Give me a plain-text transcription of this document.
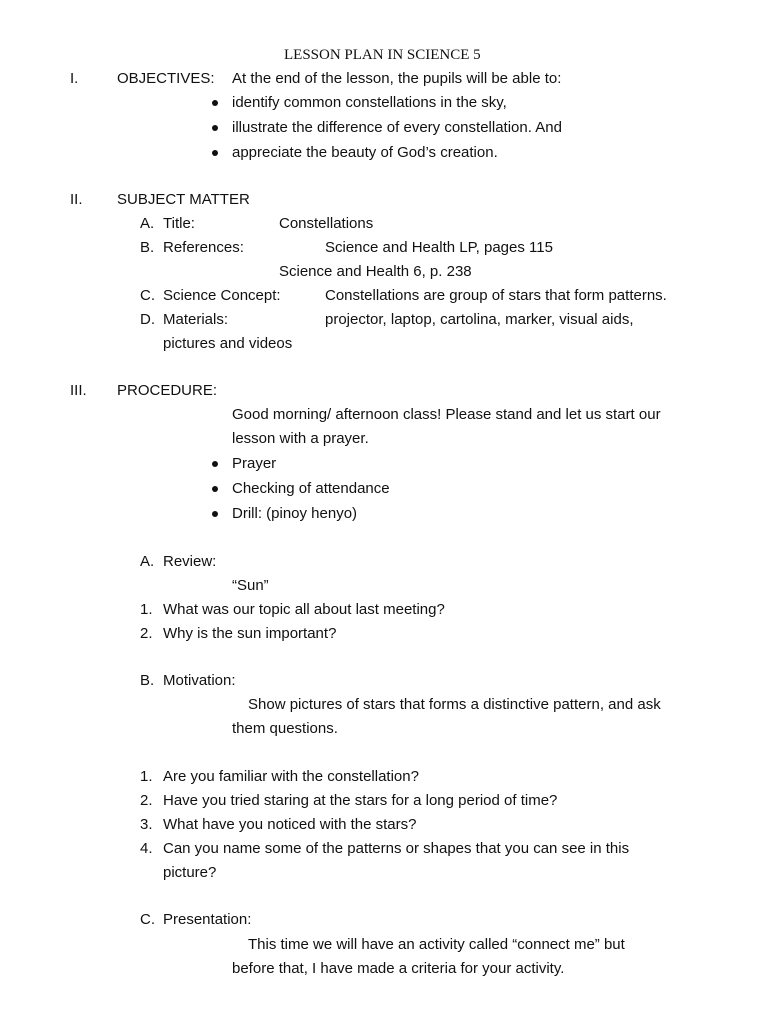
LESSON PLAN IN SCIENCE 5
I.	OBJECTIVES: At the end of the lesson, the pupils will be able to:
identify common constellations in the sky,
illustrate the difference of every constellation. And
appreciate the beauty of God’s creation.
II. SUBJECT MATTER
A. Title:	Constellations
B. References:	Science and Health LP, pages 115
Science and Health 6, p. 238
C. Science Concept:	Constellations are group of stars that form patterns.
D. Materials:	projector, laptop, cartolina, marker, visual aids,
pictures and videos
III. PROCEDURE:
Good morning/ afternoon class! Please stand and let us start our
lesson with a prayer.
Prayer
Checking of attendance
Drill: (pinoy henyo)
A. Review:
“Sun”
1. What was our topic all about last meeting?
2. Why is the sun important?
B. Motivation:
Show pictures of stars that forms a distinctive pattern, and ask
them questions.
1. Are you familiar with the constellation?
2. Have you tried staring at the stars for a long period of time?
3. What have you noticed with the stars?
4. Can you name some of the patterns or shapes that you can see in this
picture?
C. Presentation:
This time we will have an activity called “connect me” but
before that, I have made a criteria for your activity.
